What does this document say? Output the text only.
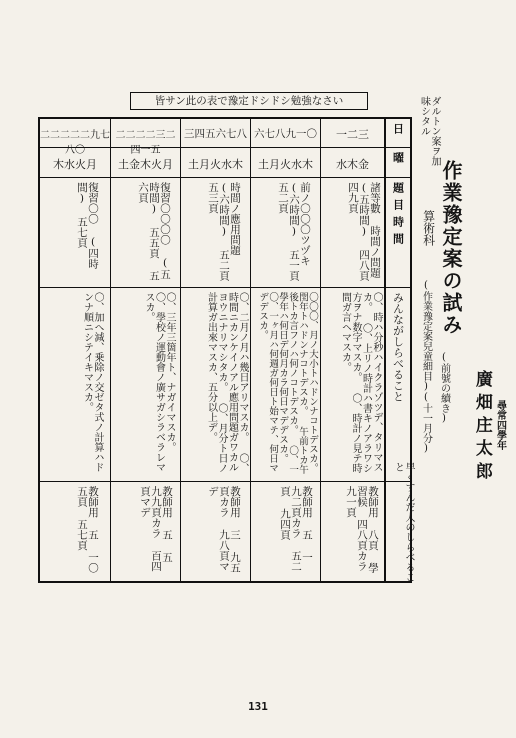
皆サン此の表で豫定ドシドシ勉強なさい	ダルトン案ヲ加味シタル
作業豫定案の試み
(前號の續き)
算術科
(作業豫定案兒童細目)(十一月分) 廣畑庄太郎 尋常四學年
日
曜
題目時間
みんながしらべること
早くすんだ人のしらべること
一二三
水木金
諸等數 時間ノ問題 (五時間) 四八頁 四九頁
〇、時ハ分秒ハイクラゾツデ、タリマスカ。 〇、上リノ時計ハ書キノアラワシ方ヲナ数字マスカ。 〇、時計ノ見テ時間ガ言ヘマスカ。
教師用 八頁 學習候 四八頁カラ 九一頁
六七八九一〇
土月火水木
前ノ〇〇〇ツヅキ (六時間) 五一頁 五二頁
〇〇〇、月ノ大小トハドンナコトデスカ。 閏年トハドンナコトデスカ。 午前トカ午後トカ言フノハ何ノコトデスカ。 〇、一學年ハ何日デ何月カラ何日マデデスカ。 〇、一ヶ月ハ何週ガ何日ト始マテ、何日マデデスカ。
教師用 五 一 九二頁カラ 五二頁 九四頁
三四五六七八
土月火水木
時間ノ應用問題 (六時間) 五二頁 五三頁
〇、二月ノ月ハ幾日アリマスカ。 〇、時間ニカンケイノアル應用問題ガワカルヨウニナリマシタカ。 〇、月分ト日ノ計算ガ出來マスカ、五分以上デ。
教師用 三 九五頁カラ 九八頁マデ
二二二二三二四一五
土金木火月
復習〇〇〇〇 (五時間) 五五頁 五六頁
〇、三年三箇年ト、ナガイマスカ。 〇、學校ノ運動會ノ廣サガシラベラレマスカ。
教師用 五 五 九九頁カラ 百四頁マデ
二二二二二九七八〇
木水火月
復習〇〇 (四時間) 五七頁
〇、加へ減、乗除ノ交ゼタ式ノ計算ハドンナ順ニシテイキマスカ。
教師用 五 一〇五頁 五七頁
131
